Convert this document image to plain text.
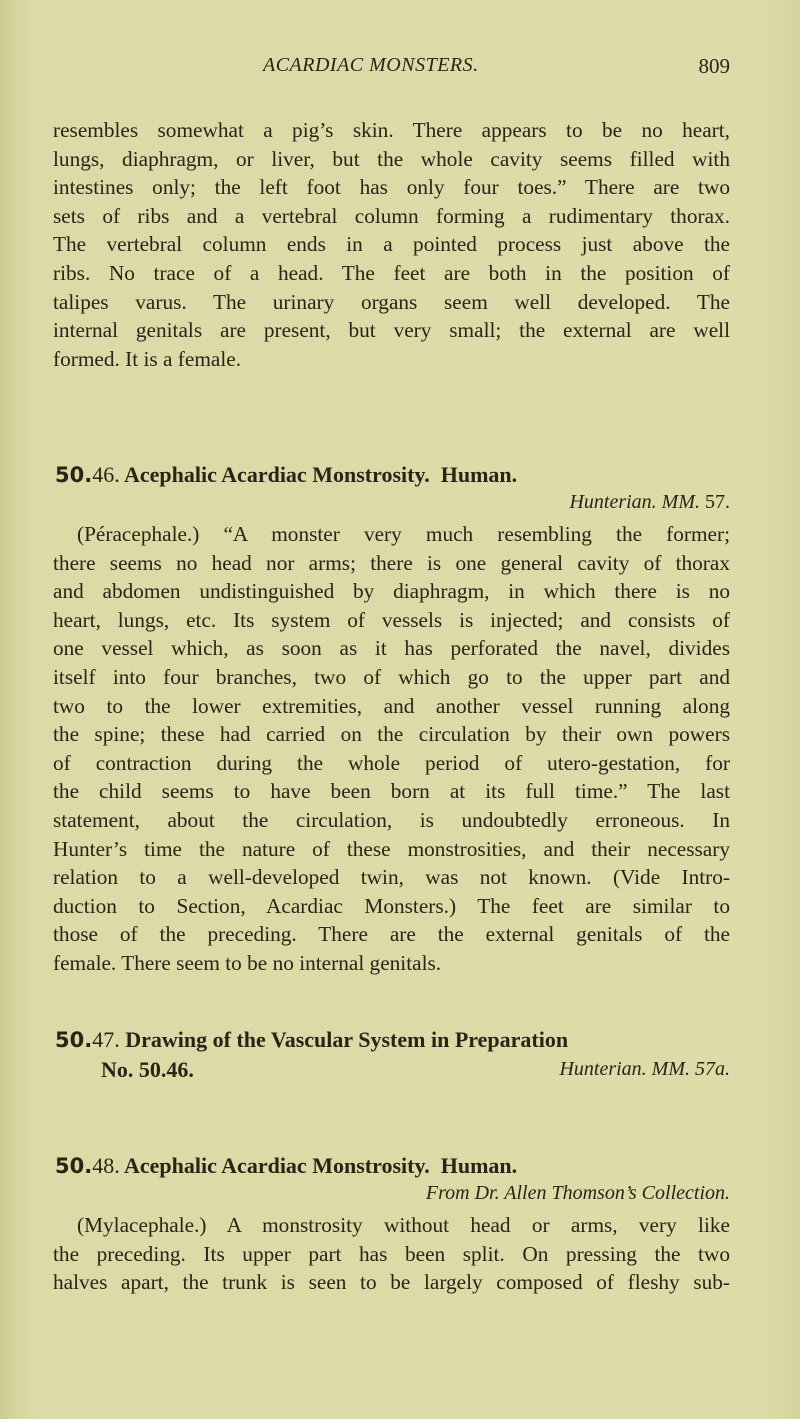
ACARDIAC MONSTERS.	809
resembles somewhat a pig’s skin. There appears to be no heart,
lungs, diaphragm, or liver, but the whole cavity seems filled with
intestines only; the left foot has only four toes.” There are two
sets of ribs and a vertebral column forming a rudimentary thorax.
The vertebral column ends in a pointed process just above the
ribs. No trace of a head. The feet are both in the position of
talipes varus. The urinary organs seem well developed. The
internal genitals are present, but very small; the external are well
formed. It is a female.
50.46. Acephalic Acardiac Monstrosity. Human.
Hunterian. MM. 57.
(Péracephale.) “A monster very much resembling the former;
there seems no head nor arms; there is one general cavity of thorax
and abdomen undistinguished by diaphragm, in which there is no
heart, lungs, etc. Its system of vessels is injected; and consists of
one vessel which, as soon as it has perforated the navel, divides
itself into four branches, two of which go to the upper part and
two to the lower extremities, and another vessel running along
the spine; these had carried on the circulation by their own powers
of contraction during the whole period of utero-gestation, for
the child seems to have been born at its full time.” The last
statement, about the circulation, is undoubtedly erroneous. In
Hunter’s time the nature of these monstrosities, and their necessary
relation to a well-developed twin, was not known. (Vide Intro-
duction to Section, Acardiac Monsters.) The feet are similar to
those of the preceding. There are the external genitals of the
female. There seem to be no internal genitals.
50.47. Drawing of the Vascular System in Preparation
No. 50.46.	Hunterian. MM. 57a.
50.48. Acephalic Acardiac Monstrosity. Human.
From Dr. Allen Thomson’s Collection.
(Mylacephale.) A monstrosity without head or arms, very like
the preceding. Its upper part has been split. On pressing the two
halves apart, the trunk is seen to be largely composed of fleshy sub-
